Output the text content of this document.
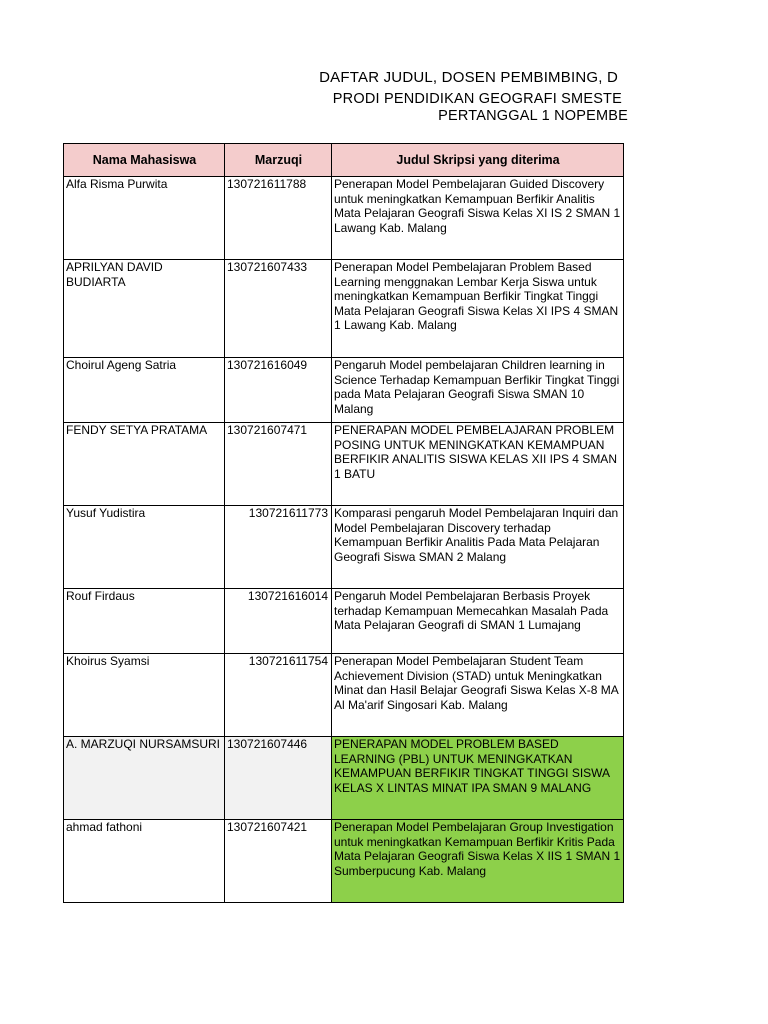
DAFTAR JUDUL, DOSEN PEMBIMBING, D
PRODI PENDIDIKAN GEOGRAFI SMESTE
PERTANGGAL 1 NOPEMBE
Nama Mahasiswa	Marzuqi	Judul Skripsi yang diterima
Alfa Risma Purwita	130721611788	Penerapan Model Pembelajaran Guided Discovery untuk meningkatkan Kemampuan Berfikir Analitis Mata Pelajaran Geografi Siswa Kelas XI IS 2 SMAN 1 Lawang Kab. Malang
APRILYAN DAVID BUDIARTA	130721607433	Penerapan Model Pembelajaran Problem Based Learning menggnakan Lembar Kerja Siswa untuk meningkatkan Kemampuan Berfikir Tingkat Tinggi Mata Pelajaran Geografi Siswa Kelas XI IPS 4 SMAN 1 Lawang Kab. Malang
Choirul Ageng Satria	130721616049	Pengaruh Model pembelajaran Children learning in Science Terhadap Kemampuan Berfikir Tingkat Tinggi pada Mata Pelajaran Geografi Siswa SMAN 10 Malang
FENDY SETYA PRATAMA	130721607471	PENERAPAN MODEL PEMBELAJARAN PROBLEM POSING UNTUK MENINGKATKAN KEMAMPUAN BERFIKIR ANALITIS SISWA KELAS XII IPS 4 SMAN 1 BATU
Yusuf Yudistira	130721611773	Komparasi pengaruh Model Pembelajaran Inquiri dan Model Pembelajaran Discovery terhadap Kemampuan Berfikir Analitis Pada Mata Pelajaran Geografi Siswa SMAN 2 Malang
Rouf Firdaus	130721616014	Pengaruh Model Pembelajaran Berbasis Proyek terhadap Kemampuan Memecahkan Masalah Pada Mata Pelajaran Geografi di SMAN 1 Lumajang
Khoirus Syamsi	130721611754	Penerapan Model Pembelajaran Student Team Achievement Division (STAD) untuk Meningkatkan Minat dan Hasil Belajar Geografi Siswa Kelas X-8 MA Al Ma'arif Singosari Kab. Malang
A. MARZUQI NURSAMSURI	130721607446	PENERAPAN MODEL PROBLEM BASED LEARNING (PBL) UNTUK MENINGKATKAN KEMAMPUAN BERFIKIR TINGKAT TINGGI SISWA KELAS X LINTAS MINAT IPA SMAN 9 MALANG
ahmad fathoni	130721607421	Penerapan Model Pembelajaran Group Investigation untuk meningkatkan Kemampuan Berfikir Kritis Pada Mata Pelajaran Geografi Siswa Kelas X IIS 1 SMAN 1 Sumberpucung Kab. Malang
